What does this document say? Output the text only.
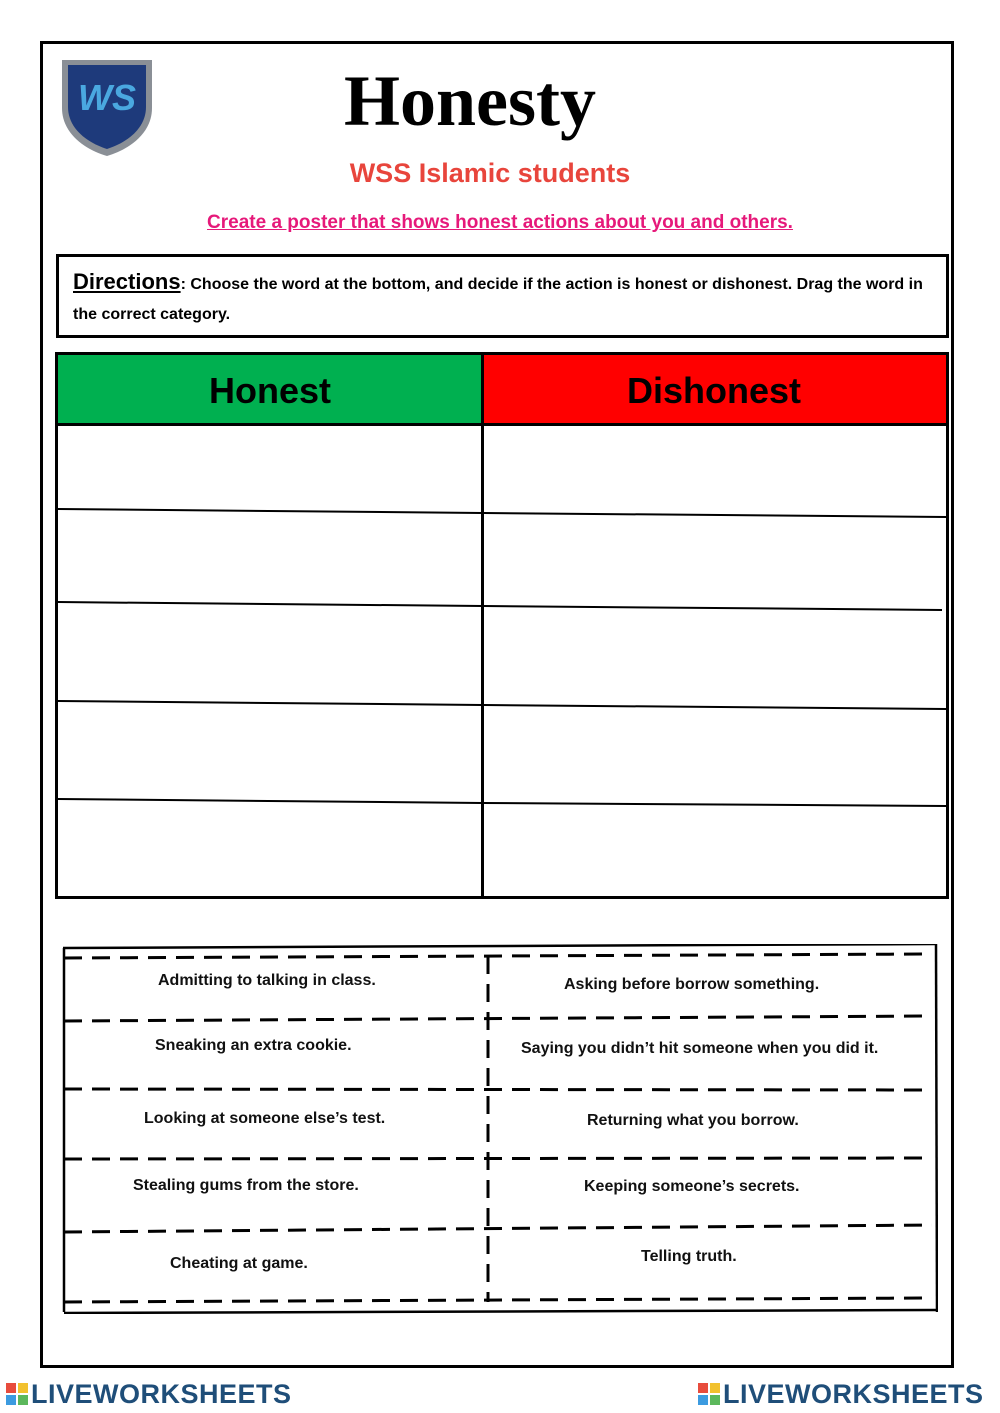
WS	Honesty
WSS Islamic students
Create a poster that shows honest actions about you and others.
Directions: Choose the word at the bottom, and decide if the action is honest or dishonest. Drag the word in the correct category.
Honest	Dishonest
Admitting to talking in class.	Asking before borrow something.
Sneaking an extra cookie.	Saying you didn’t hit someone when you did it.
Looking at someone else’s test.	Returning what you borrow.
Stealing gums from the store.	Keeping someone’s secrets.
Cheating at game.	Telling truth.
LIVEWORKSHEETS	LIVEWORKSHEETS
